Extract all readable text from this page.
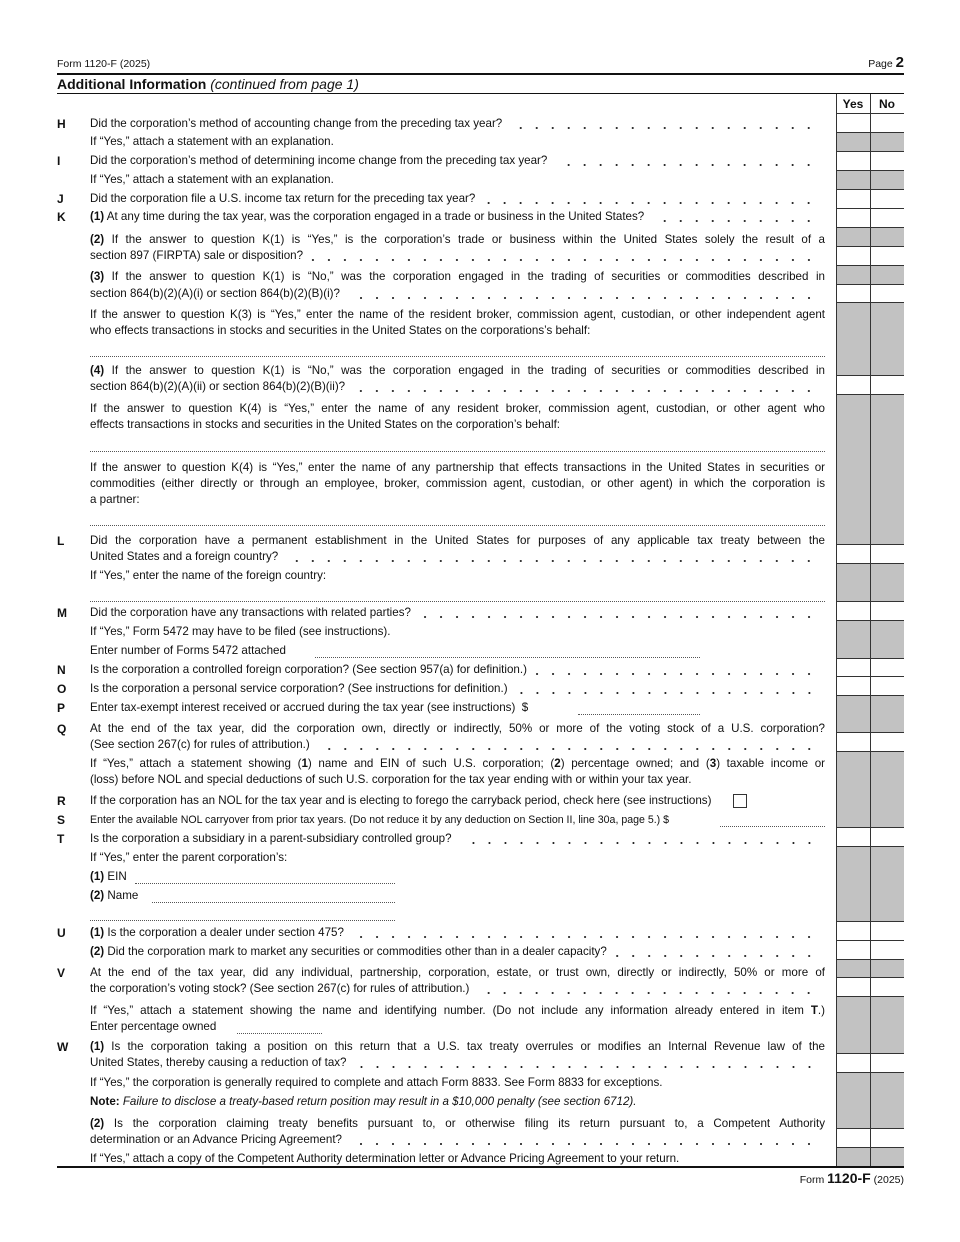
Form 1120-F (2025)	Page 2
Additional Information (continued from page 1)
Yes	No
H	Did the corporation’s method of accounting change from the preceding tax year?
If “Yes,” attach a statement with an explanation.
I	Did the corporation’s method of determining income change from the preceding tax year?
If “Yes,” attach a statement with an explanation.
J	Did the corporation file a U.S. income tax return for the preceding tax year?
K	(1) At any time during the tax year, was the corporation engaged in a trade or business in the United States?
(2) If the answer to question K(1) is “Yes,” is the corporation’s trade or business within the United States solely the result of a
section 897 (FIRPTA) sale or disposition?
(3) If the answer to question K(1) is “No,” was the corporation engaged in the trading of securities or commodities described in
section 864(b)(2)(A)(i) or section 864(b)(2)(B)(i)?
If the answer to question K(3) is “Yes,” enter the name of the resident broker, commission agent, custodian, or other independent agent
who effects transactions in stocks and securities in the United States on the corporations’s behalf:
(4) If the answer to question K(1) is “No,” was the corporation engaged in the trading of securities or commodities described in
section 864(b)(2)(A)(ii) or section 864(b)(2)(B)(ii)?
If the answer to question K(4) is “Yes,” enter the name of any resident broker, commission agent, custodian, or other agent who
effects transactions in stocks and securities in the United States on the corporation’s behalf:
If the answer to question K(4) is “Yes,” enter the name of any partnership that effects transactions in the United States in securities or
commodities (either directly or through an employee, broker, commission agent, custodian, or other agent) in which the corporation is
a partner:
L	Did the corporation have a permanent establishment in the United States for purposes of any applicable tax treaty between the
United States and a foreign country?
If “Yes,” enter the name of the foreign country:
M	Did the corporation have any transactions with related parties?
If “Yes,” Form 5472 may have to be filed (see instructions).
Enter number of Forms 5472 attached
N	Is the corporation a controlled foreign corporation? (See section 957(a) for definition.)
O	Is the corporation a personal service corporation? (See instructions for definition.)
P	Enter tax-exempt interest received or accrued during the tax year (see instructions)  $
Q	At the end of the tax year, did the corporation own, directly or indirectly, 50% or more of the voting stock of a U.S. corporation?
(See section 267(c) for rules of attribution.)
If “Yes,” attach a statement showing (1) name and EIN of such U.S. corporation; (2) percentage owned; and (3) taxable income or
(loss) before NOL and special deductions of such U.S. corporation for the tax year ending with or within your tax year.
R	If the corporation has an NOL for the tax year and is electing to forego the carryback period, check here (see instructions)
S	Enter the available NOL carryover from prior tax years. (Do not reduce it by any deduction on Section II, line 30a, page 5.) $
T	Is the corporation a subsidiary in a parent-subsidiary controlled group?
If “Yes,” enter the parent corporation’s:
(1) EIN
(2) Name
U	(1) Is the corporation a dealer under section 475?
(2) Did the corporation mark to market any securities or commodities other than in a dealer capacity?
V	At the end of the tax year, did any individual, partnership, corporation, estate, or trust own, directly or indirectly, 50% or more of
the corporation’s voting stock? (See section 267(c) for rules of attribution.)
If “Yes,” attach a statement showing the name and identifying number. (Do not include any information already entered in item T.)
Enter percentage owned
W	(1) Is the corporation taking a position on this return that a U.S. tax treaty overrules or modifies an Internal Revenue law of the
United States, thereby causing a reduction of tax?
If “Yes,” the corporation is generally required to complete and attach Form 8833. See Form 8833 for exceptions.
Note: Failure to disclose a treaty-based return position may result in a $10,000 penalty (see section 6712).
(2) Is the corporation claiming treaty benefits pursuant to, or otherwise filing its return pursuant to, a Competent Authority
determination or an Advance Pricing Agreement?
If “Yes,” attach a copy of the Competent Authority determination letter or Advance Pricing Agreement to your return.
Form 1120-F (2025)
